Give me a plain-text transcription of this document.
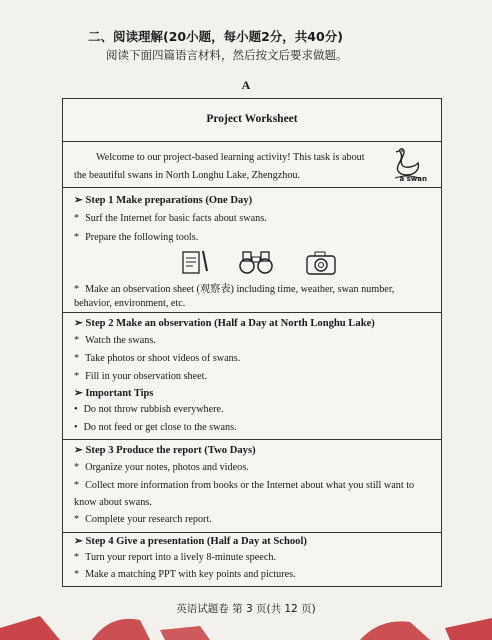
二、阅读理解(20小题，每小题2分，共40分)
阅读下面四篇语言材料，然后按文后要求做题。
A
Project Worksheet

Welcome to our project-based learning activity! This task is about
the beautiful swans in North Longhu Lake, Zhengzhou.	a swan
➢ Step 1 Make preparations (One Day)
* Surf the Internet for basic facts about swans.
* Prepare the following tools.
* Make an observation sheet (观察表) including time, weather, swan number,
behavior, environment, etc.
➢ Step 2 Make an observation (Half a Day at North Longhu Lake)
* Watch the swans.
* Take photos or shoot videos of swans.
* Fill in your observation sheet.
➢ Important Tips
• Do not throw rubbish everywhere.
• Do not feed or get close to the swans.
➢ Step 3 Produce the report (Two Days)
* Organize your notes, photos and videos.
* Collect more information from books or the Internet about what you still want to
know about swans.
* Complete your research report.
➢ Step 4 Give a presentation (Half a Day at School)
* Turn your report into a lively 8-minute speech.
* Make a matching PPT with key points and pictures.
英语试题卷 第 3 页(共 12 页)
